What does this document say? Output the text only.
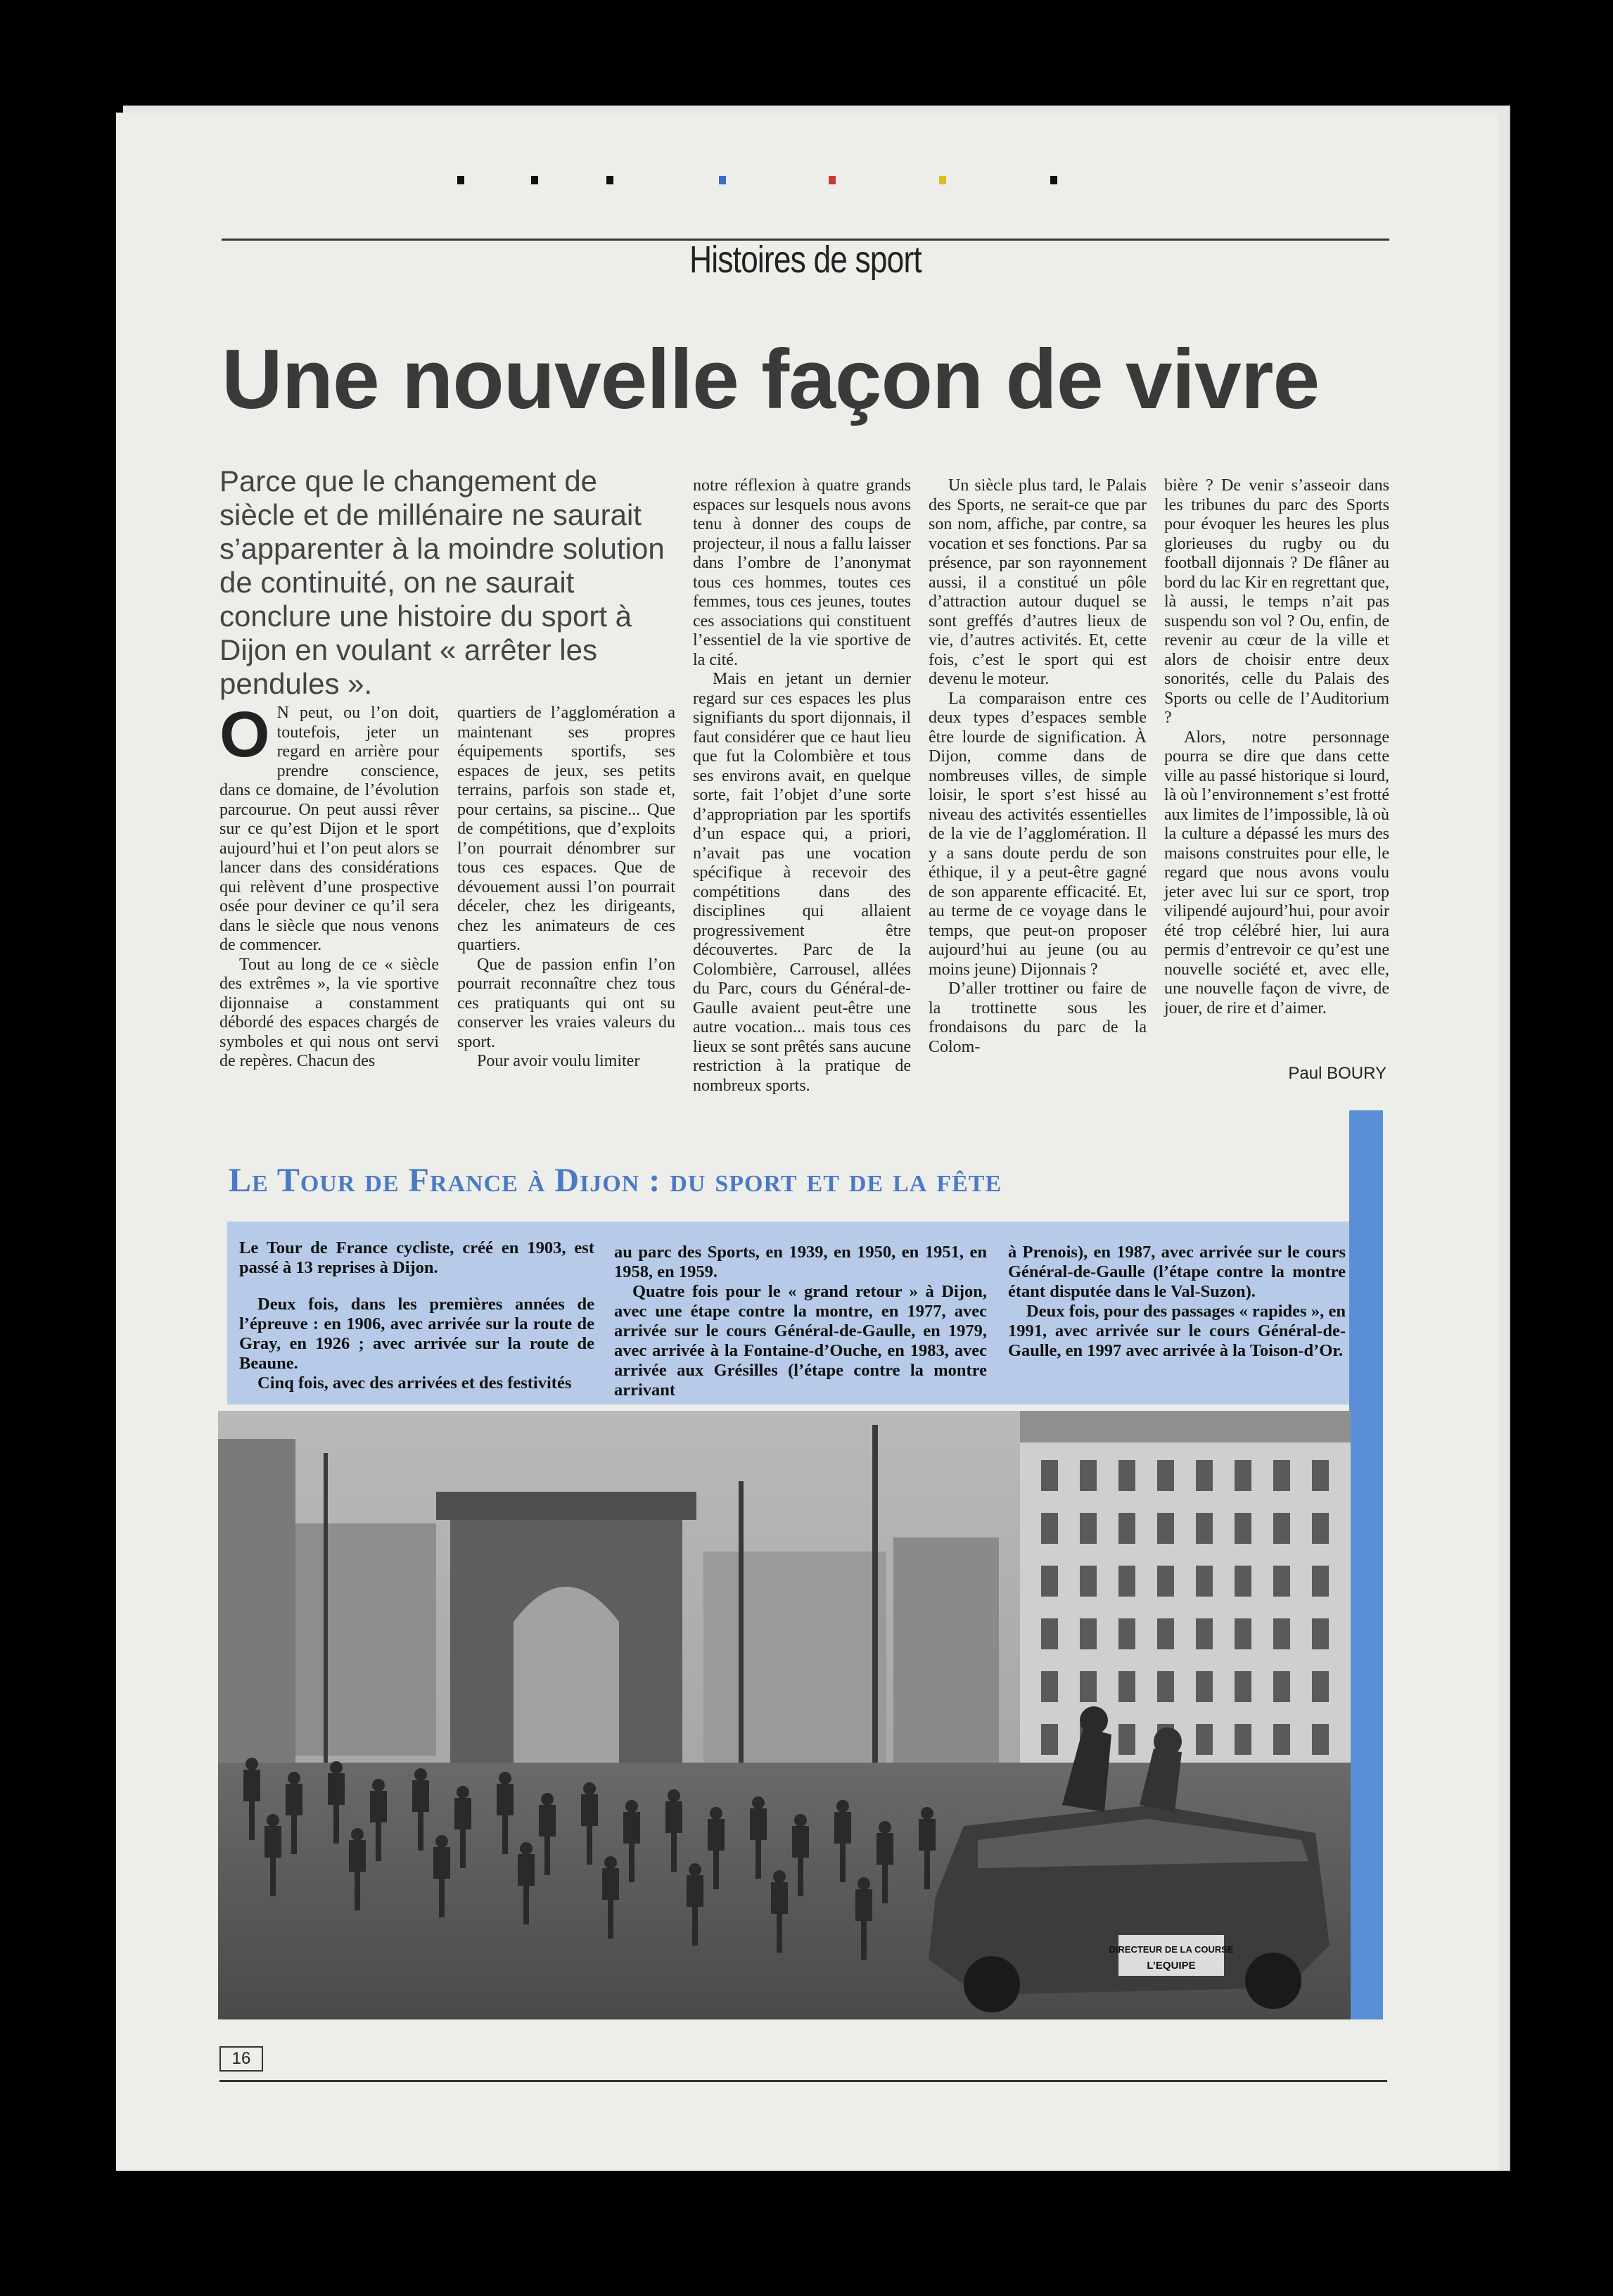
Histoires de sport
Une nouvelle façon de vivre
Parce que le changement de siècle et de millénaire ne saurait s’apparenter à la moindre solution de continuité, on ne saurait conclure une histoire du sport à Dijon en voulant « arrêter les pendules ».

O N peut, ou l’on doit, toutefois, jeter un regard en arrière pour prendre conscience, dans ce domaine, de l’évolution parcourue. On peut aussi rêver sur ce qu’est Dijon et le sport aujourd’hui et l’on peut alors se lancer dans des considérations qui relèvent d’une prospective osée pour deviner ce qu’il sera dans le siècle que nous venons de commencer.

Tout au long de ce « siècle des extrêmes », la vie sportive dijonnaise a constamment débordé des espaces chargés de symboles et qui nous ont servi de repères. Chacun des

quartiers de l’agglomération a maintenant ses propres équipements sportifs, ses espaces de jeux, ses petits terrains, parfois son stade et, pour certains, sa piscine... Que de compétitions, que d’exploits l’on pourrait dénombrer sur tous ces espaces. Que de dévouement aussi l’on pourrait déceler, chez les dirigeants, chez les animateurs de ces quartiers.

Que de passion enfin l’on pourrait reconnaître chez tous ces pratiquants qui ont su conserver les vraies valeurs du sport.

Pour avoir voulu limiter

notre réflexion à quatre grands espaces sur lesquels nous avons tenu à donner des coups de projecteur, il nous a fallu laisser dans l’ombre de l’anonymat tous ces hommes, toutes ces femmes, tous ces jeunes, toutes ces associations qui constituent l’essentiel de la vie sportive de la cité.

Mais en jetant un dernier regard sur ces espaces les plus signifiants du sport dijonnais, il faut considérer que ce haut lieu que fut la Colombière et tous ses environs avait, en quelque sorte, fait l’objet d’une sorte d’appropriation par les sportifs d’un espace qui, a priori, n’avait pas une vocation spécifique à recevoir des compétitions dans des disciplines qui allaient progressivement être découvertes. Parc de la Colombière, Carrousel, allées du Parc, cours du Général-de-Gaulle avaient peut-être une autre vocation... mais tous ces lieux se sont prêtés sans aucune restriction à la pratique de nombreux sports.

Un siècle plus tard, le Palais des Sports, ne serait-ce que par son nom, affiche, par contre, sa vocation et ses fonctions. Par sa présence, par son rayonnement aussi, il a constitué un pôle d’attraction autour duquel se sont greffés d’autres lieux de vie, d’autres activités. Et, cette fois, c’est le sport qui est devenu le moteur.

La comparaison entre ces deux types d’espaces semble être lourde de signification. À Dijon, comme dans de nombreuses villes, de simple loisir, le sport s’est hissé au niveau des activités essentielles de la vie de l’agglomération. Il y a sans doute perdu de son éthique, il y a peut-être gagné de son apparente efficacité. Et, au terme de ce voyage dans le temps, que peut-on proposer aujourd’hui au jeune (ou au moins jeune) Dijonnais ?

D’aller trottiner ou faire de la trottinette sous les frondaisons du parc de la Colom-

bière ? De venir s’asseoir dans les tribunes du parc des Sports pour évoquer les heures les plus glorieuses du rugby ou du football dijonnais ? De flâner au bord du lac Kir en regrettant que, là aussi, le temps n’ait pas suspendu son vol ? Ou, enfin, de revenir au cœur de la ville et alors de choisir entre deux sonorités, celle du Palais des Sports ou celle de l’Auditorium ?

Alors, notre personnage pourra se dire que dans cette ville au passé historique si lourd, là où l’environnement s’est frotté aux limites de l’impossible, là où la culture a dépassé les murs des maisons construites pour elle, le regard que nous avons voulu jeter avec lui sur ce sport, trop vilipendé aujourd’hui, pour avoir été trop célébré hier, lui aura permis d’entrevoir ce qu’est une nouvelle société et, avec elle, une nouvelle façon de vivre, de jouer, de rire et d’aimer.

Paul BOURY
Le Tour de France à Dijon : du sport et de la fête

Le Tour de France cycliste, créé en 1903, est passé à 13 reprises à Dijon.

Deux fois, dans les premières années de l’épreuve : en 1906, avec arrivée sur la route de Gray, en 1926 ; avec arrivée sur la route de Beaune.

Cinq fois, avec des arrivées et des festivités

au parc des Sports, en 1939, en 1950, en 1951, en 1958, en 1959.

Quatre fois pour le « grand retour » à Dijon, avec une étape contre la montre, en 1977, avec arrivée sur le cours Général-de-Gaulle, en 1979, avec arrivée à la Fontaine-d’Ouche, en 1983, avec arrivée aux Grésilles (l’étape contre la montre arrivant

à Prenois), en 1987, avec arrivée sur le cours Général-de-Gaulle (l’étape contre la montre étant disputée dans le Val-Suzon).

Deux fois, pour des passages « rapides », en 1991, avec arrivée sur le cours Général-de-Gaulle, en 1997 avec arrivée à la Toison-d’Or.

DIRECTEUR DE LA COURSE
L’EQUIPE
16
